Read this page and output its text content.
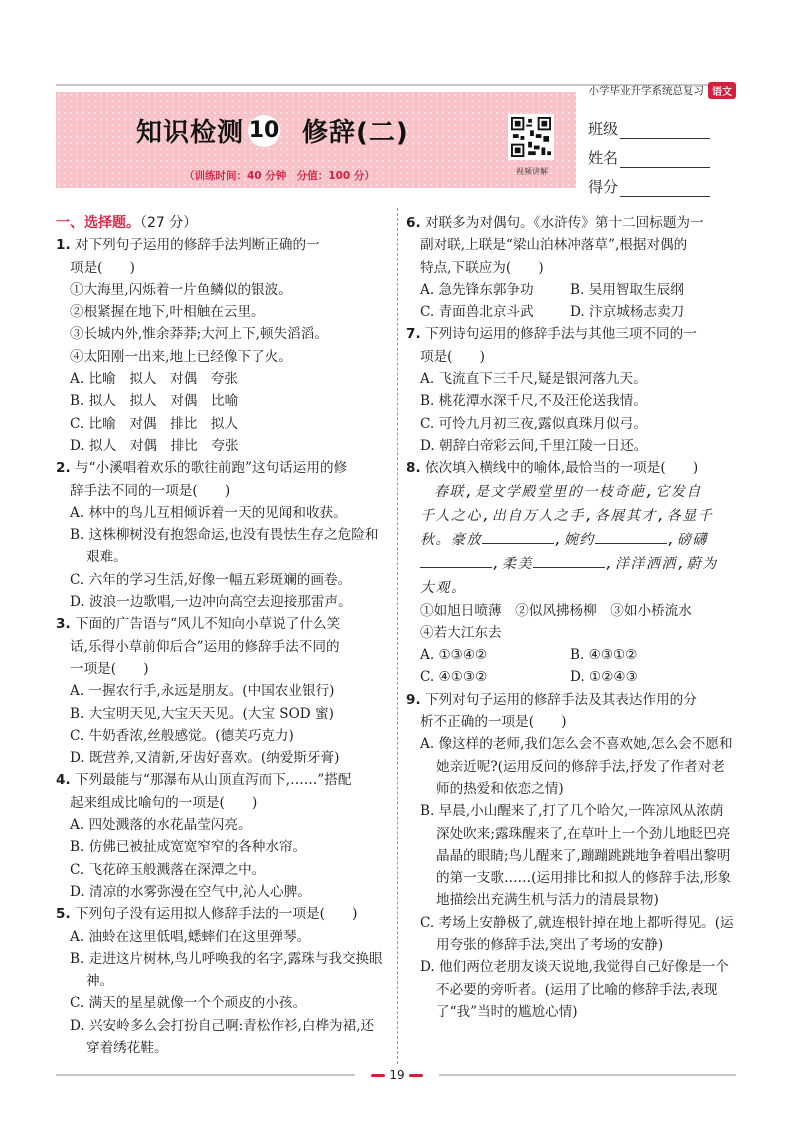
小学毕业升学系统总复习 语文
知识检测 10 修辞(二)
（训练时间：40 分钟　分值：100 分）	视频讲解
班级
姓名
得分
一、选择题。（27 分）
1. 对下列句子运用的修辞手法判断正确的一
项是(　　)
①大海里,闪烁着一片鱼鳞似的银波。
②根紧握在地下,叶相触在云里。
③长城内外,惟余莽莽;大河上下,顿失滔滔。
④太阳刚一出来,地上已经像下了火。
A. 比喻　拟人　对偶　夸张
B. 拟人　拟人　对偶　比喻
C. 比喻　对偶　排比　拟人
D. 拟人　对偶　排比　夸张
2. 与“小溪唱着欢乐的歌往前跑”这句话运用的修
辞手法不同的一项是(　　)
A. 林中的鸟儿互相倾诉着一天的见闻和收获。
B. 这株柳树没有抱怨命运,也没有畏怯生存之危险和艰难。
C. 六年的学习生活,好像一幅五彩斑斓的画卷。
D. 波浪一边歌唱,一边冲向高空去迎接那雷声。
3. 下面的广告语与“风儿不知向小草说了什么笑
话,乐得小草前仰后合”运用的修辞手法不同的
一项是(　　)
A. 一握农行手,永远是朋友。(中国农业银行)
B. 大宝明天见,大宝天天见。(大宝 SOD 蜜)
C. 牛奶香浓,丝般感觉。(德芙巧克力)
D. 既营养,又清新,牙齿好喜欢。(纳爱斯牙膏)
4. 下列最能与“那瀑布从山顶直泻而下,……”搭配
起来组成比喻句的一项是(　　)
A. 四处溅落的水花晶莹闪亮。
B. 仿佛已被扯成宽宽窄窄的各种水帘。
C. 飞花碎玉般溅落在深潭之中。
D. 清凉的水雾弥漫在空气中,沁人心脾。
5. 下列句子没有运用拟人修辞手法的一项是(　　)
A. 油蛉在这里低唱,蟋蟀们在这里弹琴。
B. 走进这片树林,鸟儿呼唤我的名字,露珠与我交换眼神。
C. 满天的星星就像一个个顽皮的小孩。
D. 兴安岭多么会打扮自己啊:青松作衫,白桦为裙,还穿着绣花鞋。
6. 对联多为对偶句。《水浒传》第十二回标题为一
副对联,上联是“梁山泊林冲落草”,根据对偶的
特点,下联应为(　　)
A. 急先锋东郭争功	B. 吴用智取生辰纲
C. 青面兽北京斗武	D. 汴京城杨志卖刀
7. 下列诗句运用的修辞手法与其他三项不同的一
项是(　　)
A. 飞流直下三千尺,疑是银河落九天。
B. 桃花潭水深千尺,不及汪伦送我情。
C. 可怜九月初三夜,露似真珠月似弓。
D. 朝辞白帝彩云间,千里江陵一日还。
8. 依次填入横线中的喻体,最恰当的一项是(　　)
春联,是文学殿堂里的一枝奇葩,它发自
千人之心,出自万人之手,各展其才,各显千
秋。豪放	,婉约	,磅礴
,柔美	,洋洋洒洒,蔚为
大观。
①如旭日喷薄　②似风拂杨柳　③如小桥流水
④若大江东去
A. ①③④②	B. ④③①②
C. ④①③②	D. ①②④③
9. 下列对句子运用的修辞手法及其表达作用的分
析不正确的一项是(　　)
A. 像这样的老师,我们怎么会不喜欢她,怎么会不愿和她亲近呢?(运用反问的修辞手法,抒发了作者对老师的热爱和依恋之情)
B. 早晨,小山醒来了,打了几个哈欠,一阵凉风从浓荫深处吹来;露珠醒来了,在草叶上一个劲儿地眨巴亮晶晶的眼睛;鸟儿醒来了,蹦蹦跳跳地争着唱出黎明的第一支歌……(运用排比和拟人的修辞手法,形象地描绘出充满生机与活力的清晨景物)
C. 考场上安静极了,就连根针掉在地上都听得见。(运用夸张的修辞手法,突出了考场的安静)
D. 他们两位老朋友谈天说地,我觉得自己好像是一个不必要的旁听者。(运用了比喻的修辞手法,表现了“我”当时的尴尬心情)
19
